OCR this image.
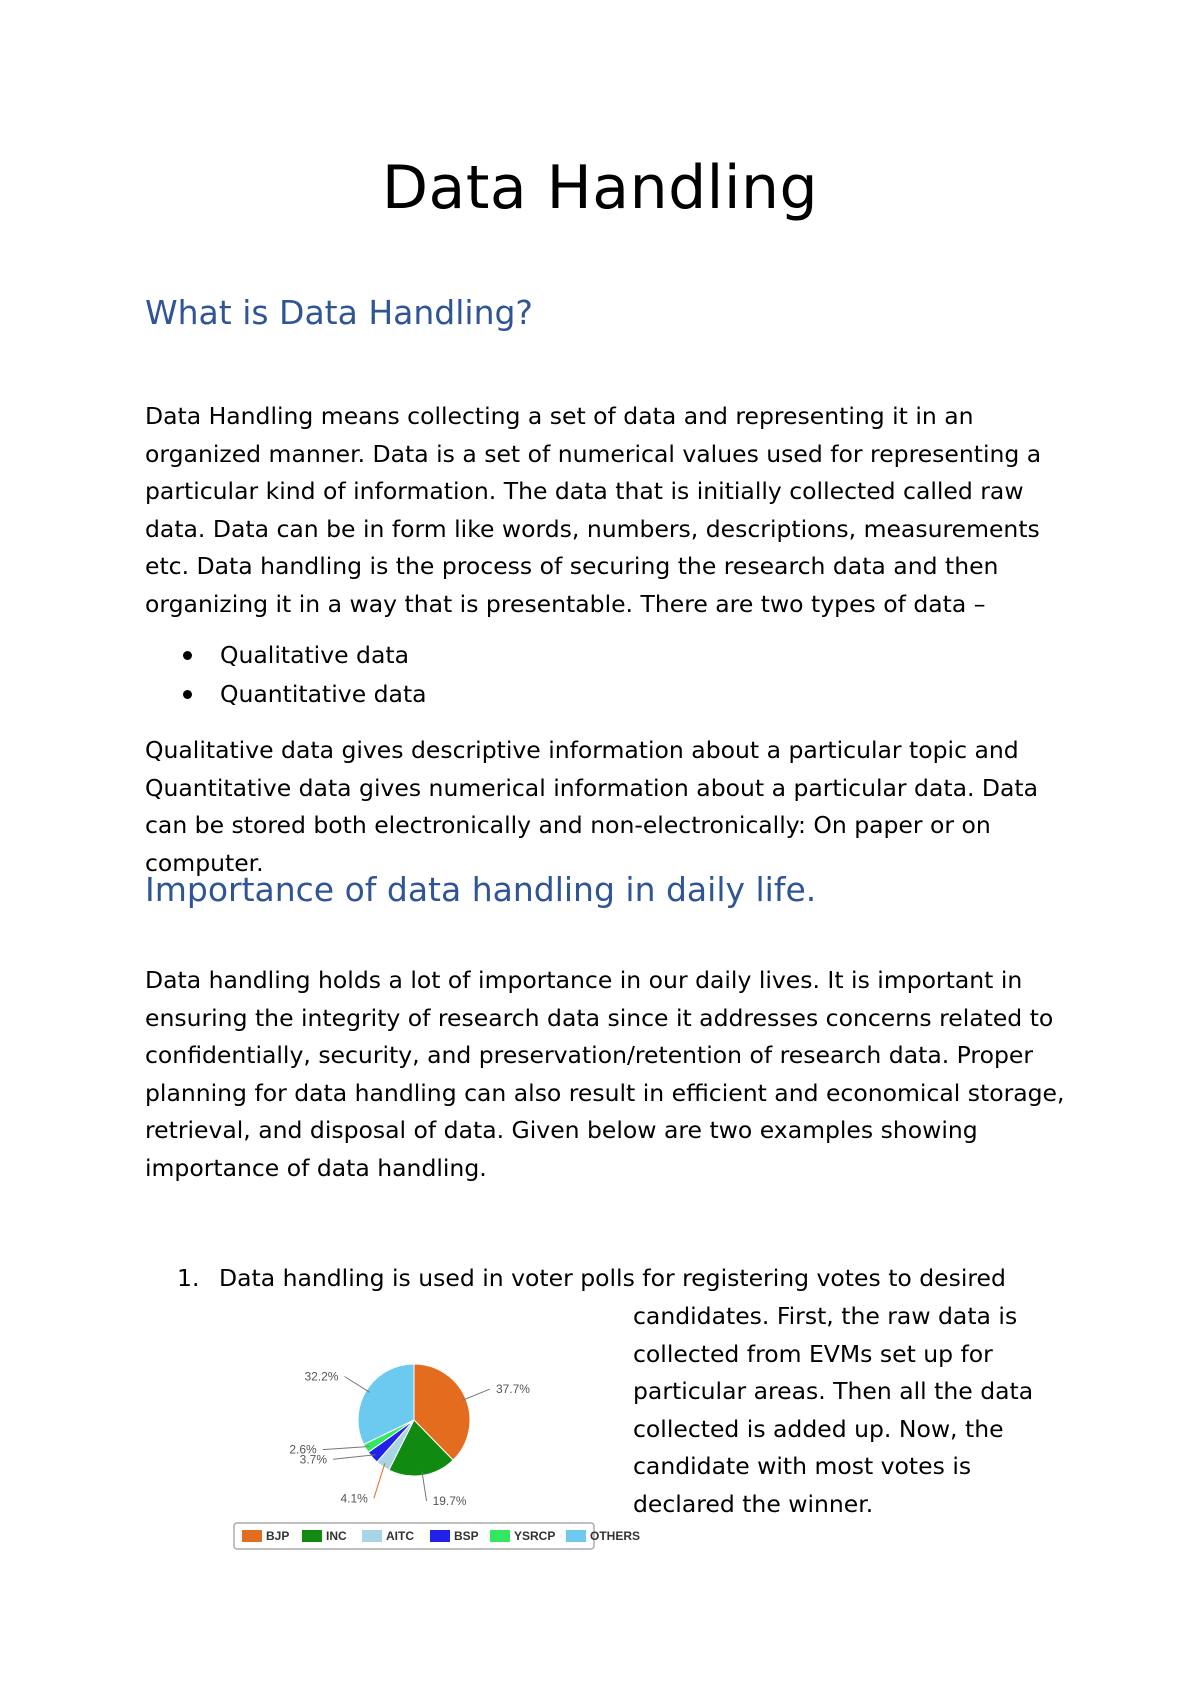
Data Handling
What is Data Handling?

Data Handling means collecting a set of data and representing it in an organized manner. Data is a set of numerical values used for representing a particular kind of information. The data that is initially collected called raw data. Data can be in form like words, numbers, descriptions, measurements etc. Data handling is the process of securing the research data and then organizing it in a way that is presentable. There are two types of data –

Qualitative data
Quantitative data

Qualitative data gives descriptive information about a particular topic and Quantitative data gives numerical information about a particular data. Data can be stored both electronically and non-electronically: On paper or on computer.

Importance of data handling in daily life.

Data handling holds a lot of importance in our daily lives. It is important in ensuring the integrity of research data since it addresses concerns related to confidentially, security, and preservation/retention of research data. Proper planning for data handling can also result in efficient and economical storage, retrieval, and disposal of data. Given below are two examples showing importance of data handling.

1. Data handling is used in voter polls for registering votes to desired

candidates. First, the raw data is
collected from EVMs set up for
particular areas. Then all the data
collected is added up. Now, the
candidate with most votes is
declared the winner.

37.7%
19.7%
4.1%
3.7%
2.6%
32.2%
BJP	INC	AITC	BSP	YSRCP	OTHERS
